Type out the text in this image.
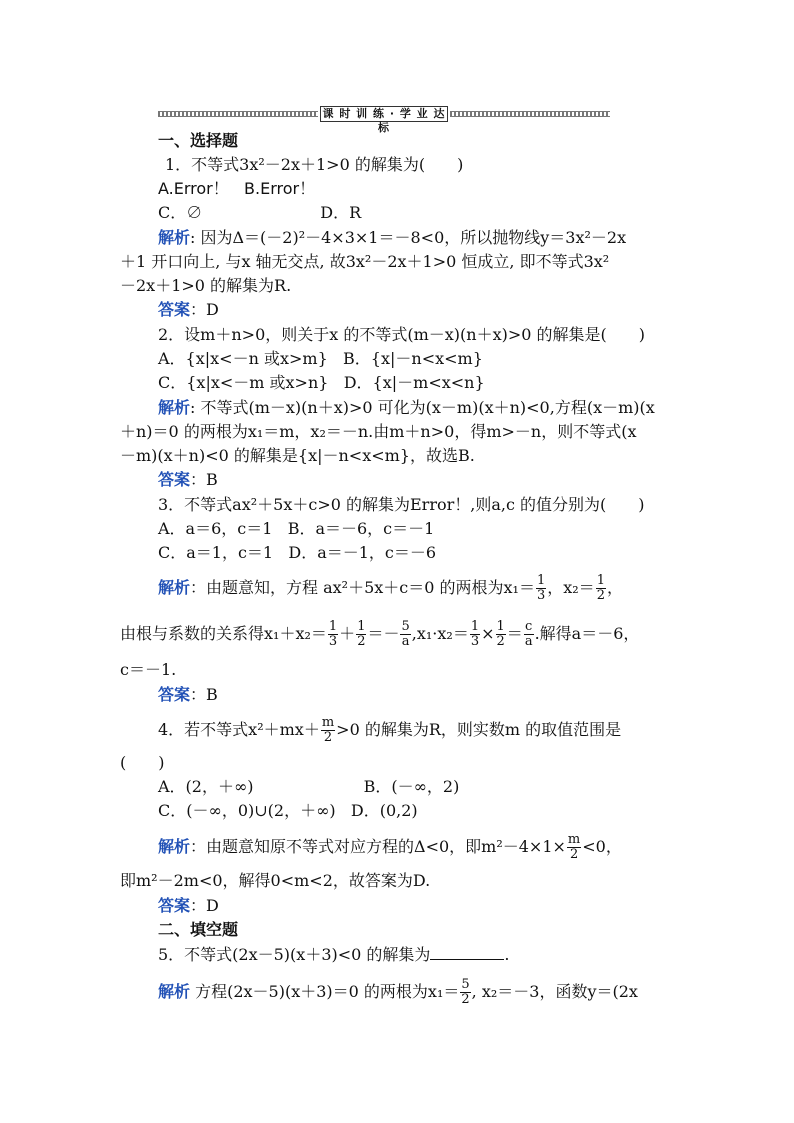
课 时 训 练 · 学 业 达 标
一、选择题
1．不等式3x²－2x＋1>0 的解集为(　　)
A.Error！ B.Error！
C．∅	D．R
解析: 因为Δ＝(－2)²－4×3×1＝－8<0，所以抛物线y＝3x²－2x
＋1 开口向上, 与x 轴无交点, 故3x²－2x＋1>0 恒成立, 即不等式3x²
－2x＋1>0 的解集为R.
答案：D
2．设m＋n>0，则关于x 的不等式(m－x)(n＋x)>0 的解集是(　　)
A．{x|x<－n 或x>m} B．{x|－n<x<m}
C．{x|x<－m 或x>n} D．{x|－m<x<n}
解析: 不等式(m－x)(n＋x)>0 可化为(x－m)(x＋n)<0,方程(x－m)(x
＋n)＝0 的两根为x₁＝m，x₂＝－n.由m＋n>0，得m>－n，则不等式(x
－m)(x＋n)<0 的解集是{x|－n<x<m}，故选B.
答案：B
3．不等式ax²＋5x＋c>0 的解集为Error！,则a,c 的值分别为(　　)
A．a＝6，c＝1 B．a＝－6，c＝－1
C．a＝1，c＝1 D．a＝－1，c＝－6
解析：由题意知，方程 ax²＋5x＋c＝0 的两根为$x_1= \frac{1}{3}$ ，$x_2= \frac{1}{2}$ ，
由根与系数的关系得$x_1+x_2= \frac{1}{3} + \frac{1}{2} =- \frac{5}{a} ,x_1\cdot x_2= \frac{1}{3} \times \frac{1}{2} = \frac{c}{a}$ .解得a＝－6，
c＝－1.
答案：B
4．若不等式$x^2+mx+ \frac{m}{2} >0$ 的解集为R，则实数m 的取值范围是
(　　)
A．(2，＋∞)	B．(－∞，2)
C．(－∞，0)∪(2，＋∞) D．(0,2)
解析：由题意知原不等式对应方程的Δ<0，即$m^2-4\times 1\times \frac{m}{2} <0$，
即m²－2m<0，解得0<m<2，故答案为D.
答案：D
二、填空题
5．不等式(2x－5)(x＋3)<0 的解集为	.
解析 方程(2x－5)(x＋3)＝0 的两根为$x_1= \frac{5}{2}$ , x₂＝－3，函数y＝(2x
